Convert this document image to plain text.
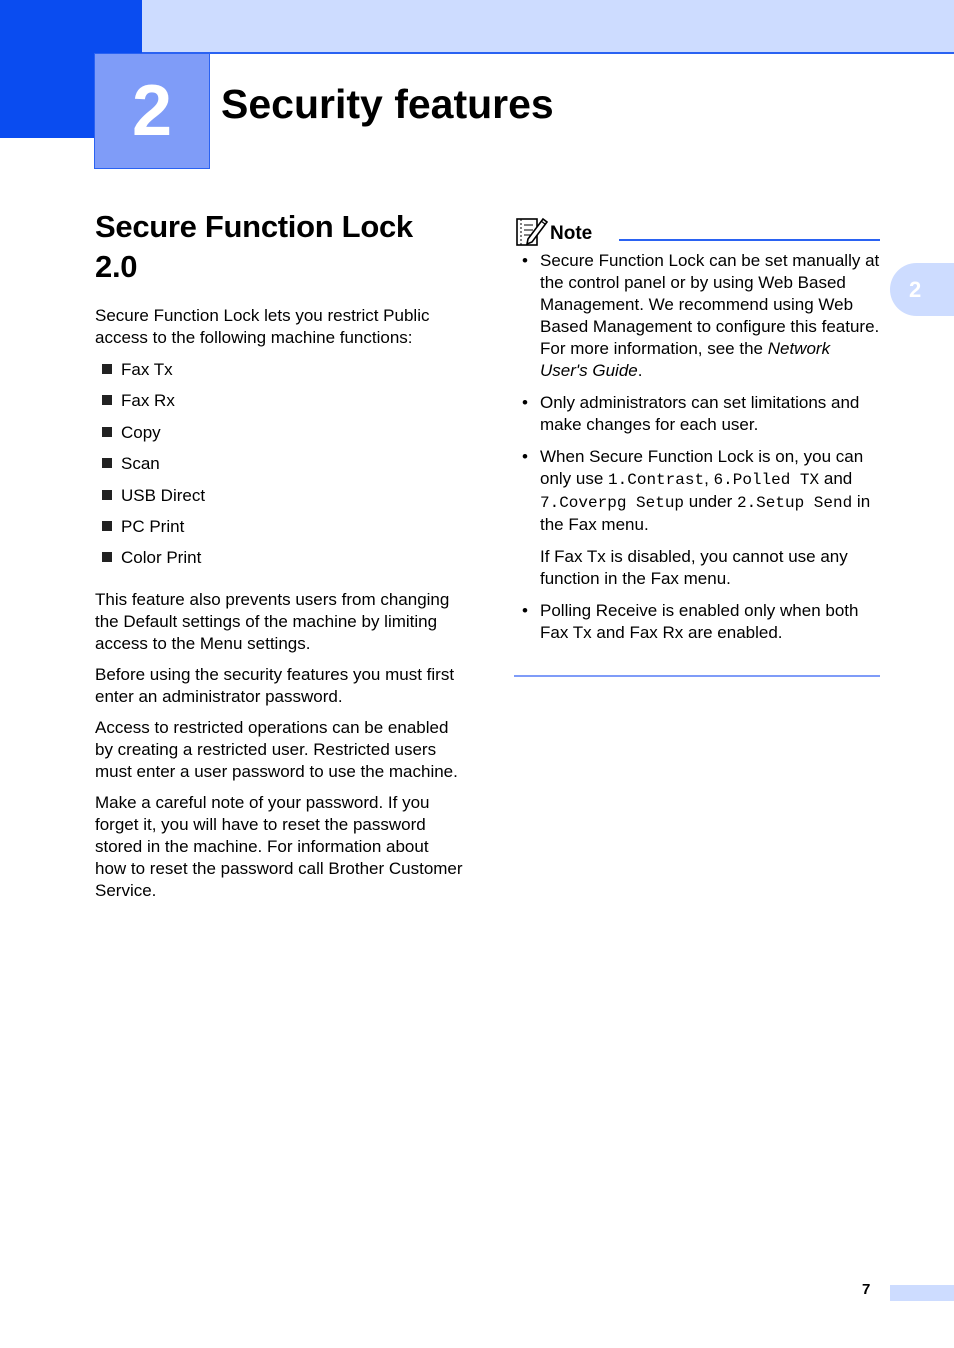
2	Security features
2
Secure Function Lock 2.0

Secure Function Lock lets you restrict Public access to the following machine functions:

Fax Tx
Fax Rx
Copy
Scan
USB Direct
PC Print
Color Print

This feature also prevents users from changing the Default settings of the machine by limiting access to the Menu settings.

Before using the security features you must first enter an administrator password.

Access to restricted operations can be enabled by creating a restricted user. Restricted users must enter a user password to use the machine.

Make a careful note of your password. If you forget it, you will have to reset the password stored in the machine. For information about how to reset the password call Brother Customer Service.

Note
• Secure Function Lock can be set manually at the control panel or by using Web Based Management. We recommend using Web Based Management to configure this feature. For more information, see the Network User's Guide.
• Only administrators can set limitations and make changes for each user.
• When Secure Function Lock is on, you can only use 1.Contrast, 6.Polled TX and 7.Coverpg Setup under 2.Setup Send in the Fax menu.
If Fax Tx is disabled, you cannot use any function in the Fax menu.
• Polling Receive is enabled only when both Fax Tx and Fax Rx are enabled.
7
